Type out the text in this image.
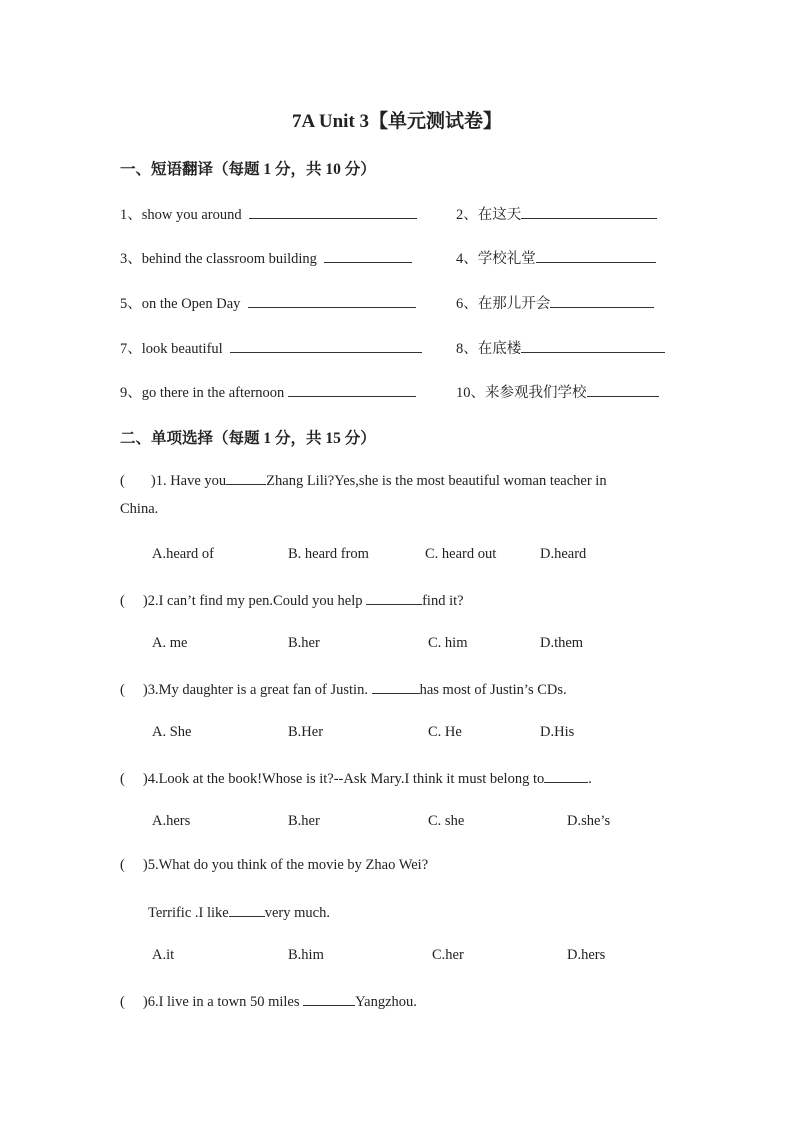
7A Unit 3【单元测试卷】
一、短语翻译（每题 1 分，共 10 分）
1、show you around	2、在这天
3、behind the classroom building	4、学校礼堂
5、on the Open Day	6、在那儿开会
7、look beautiful	8、在底楼
9、go there in the afternoon	10、来参观我们学校
二、单项选择（每题 1 分，共 15 分）
( )1. Have you	Zhang Lili?Yes,she is the most beautiful woman teacher in
China.
A.heard of	B. heard from	C. heard out	D.heard
( )2.I can’t find my pen.Could you help	find it?
A. me	B.her	C. him	D.them
( )3.My daughter is a great fan of Justin.	has most of Justin’s CDs.
A. She	B.Her	C. He	D.His
( )4.Look at the book!Whose is it?--Ask Mary.I think it must belong to	.
A.hers	B.her	C. she	D.she’s
( )5.What do you think of the movie by Zhao Wei?
Terrific .I like very much.
A.it	B.him	C.her	D.hers
( )6.I live in a town 50 miles	Yangzhou.
